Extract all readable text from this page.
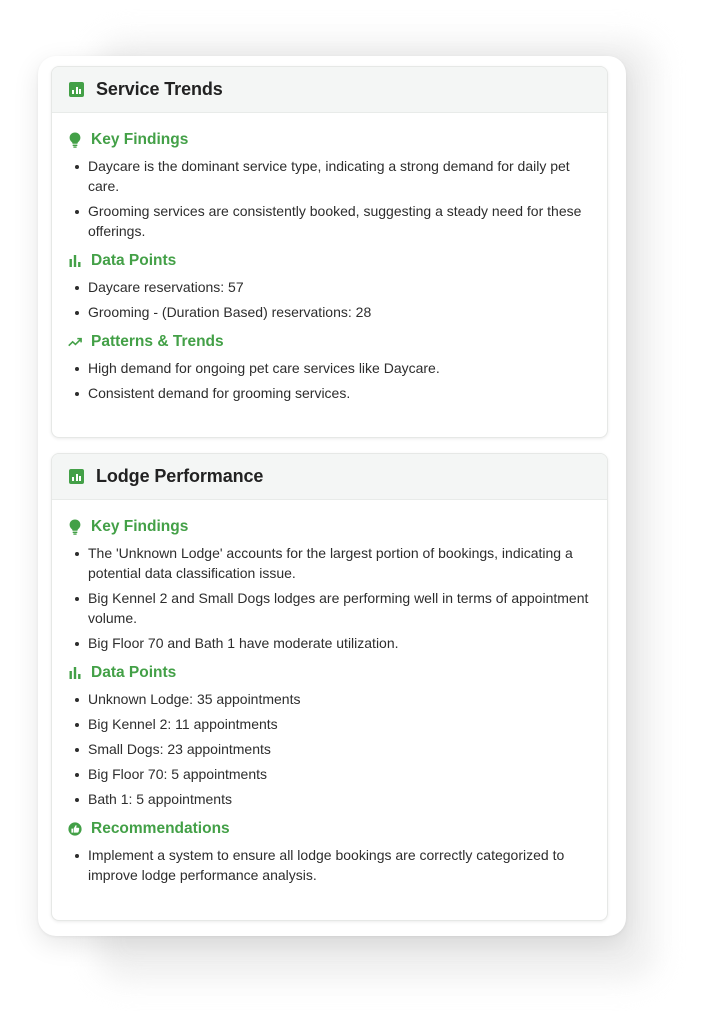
Service Trends
Key Findings
Daycare is the dominant service type, indicating a strong demand for daily pet care.
Grooming services are consistently booked, suggesting a steady need for these offerings.
Data Points
Daycare reservations: 57
Grooming - (Duration Based) reservations: 28
Patterns & Trends
High demand for ongoing pet care services like Daycare.
Consistent demand for grooming services.
Lodge Performance
Key Findings
The 'Unknown Lodge' accounts for the largest portion of bookings, indicating a potential data classification issue.
Big Kennel 2 and Small Dogs lodges are performing well in terms of appointment volume.
Big Floor 70 and Bath 1 have moderate utilization.
Data Points
Unknown Lodge: 35 appointments
Big Kennel 2: 11 appointments
Small Dogs: 23 appointments
Big Floor 70: 5 appointments
Bath 1: 5 appointments
Recommendations
Implement a system to ensure all lodge bookings are correctly categorized to improve lodge performance analysis.
